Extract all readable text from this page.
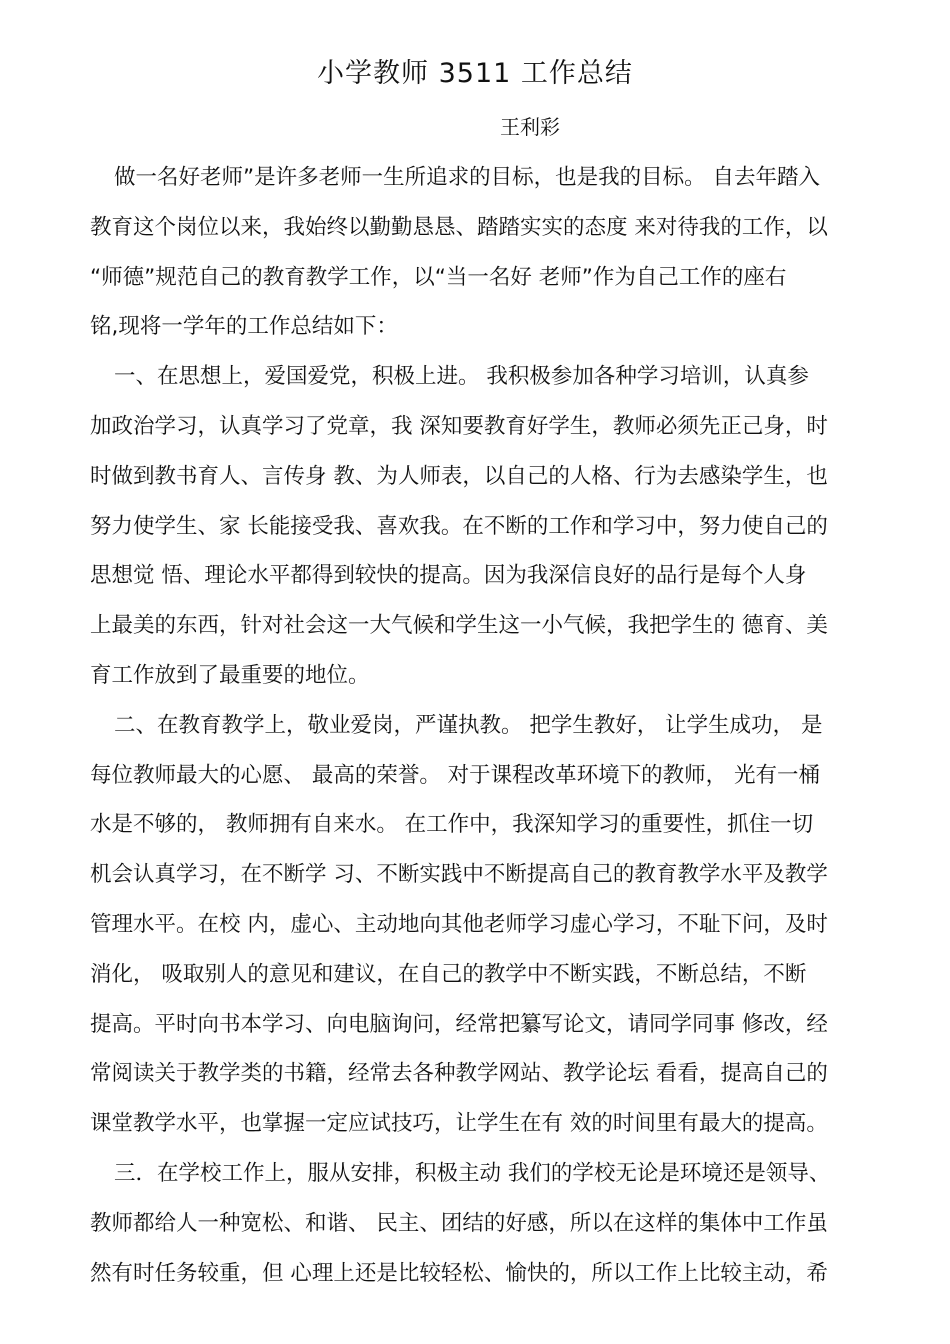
小学教师 3511 工作总结
王利彩
做一名好老师”是许多老师一生所追求的目标，也是我的目标。 自去年踏入
教育这个岗位以来，我始终以勤勤恳恳、踏踏实实的态度 来对待我的工作，以
“师德”规范自己的教育教学工作，以“当一名好 老师”作为自己工作的座右
铭,现将一学年的工作总结如下：
一、在思想上，爱国爱党，积极上进。 我积极参加各种学习培训，认真参
加政治学习，认真学习了党章，我 深知要教育好学生，教师必须先正己身，时
时做到教书育人、言传身 教、为人师表，以自己的人格、行为去感染学生，也
努力使学生、家 长能接受我、喜欢我。在不断的工作和学习中，努力使自己的
思想觉 悟、理论水平都得到较快的提高。因为我深信良好的品行是每个人身
上最美的东西，针对社会这一大气候和学生这一小气候，我把学生的 德育、美
育工作放到了最重要的地位。
二、在教育教学上，敬业爱岗，严谨执教。 把学生教好， 让学生成功， 是
每位教师最大的心愿、 最高的荣誉。 对于课程改革环境下的教师， 光有一桶
水是不够的， 教师拥有自来水。 在工作中，我深知学习的重要性，抓住一切
机会认真学习，在不断学 习、不断实践中不断提高自己的教育教学水平及教学
管理水平。在校 内，虚心、主动地向其他老师学习虚心学习，不耻下问，及时
消化， 吸取别人的意见和建议，在自己的教学中不断实践，不断总结，不断
提高。平时向书本学习、向电脑询问，经常把纂写论文，请同学同事 修改，经
常阅读关于教学类的书籍，经常去各种教学网站、教学论坛 看看，提高自己的
课堂教学水平，也掌握一定应试技巧，让学生在有 效的时间里有最大的提高。
三．在学校工作上，服从安排，积极主动 我们的学校无论是环境还是领导、
教师都给人一种宽松、和谐、 民主、团结的好感，所以在这样的集体中工作虽
然有时任务较重，但 心理上还是比较轻松、愉快的，所以工作上比较主动，希
